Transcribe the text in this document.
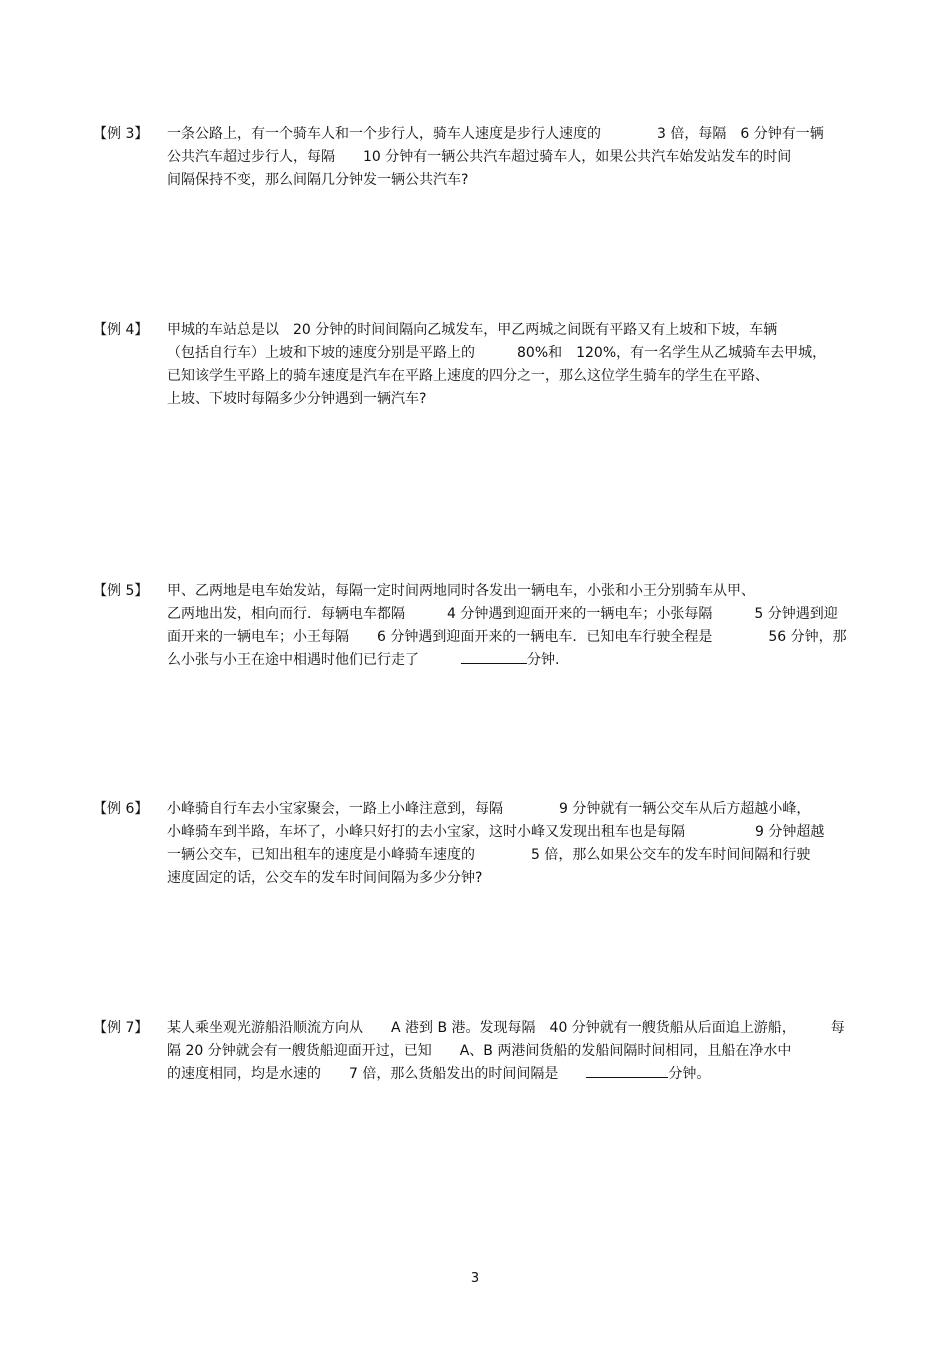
【例 3】	一条公路上，有一个骑车人和一个步行人，骑车人速度是步行人速度的　　　　3 倍，每隔　6 分钟有一辆
公共汽车超过步行人，每隔　　10 分钟有一辆公共汽车超过骑车人，如果公共汽车始发站发车的时间
间隔保持不变，那么间隔几分钟发一辆公共汽车?
【例 4】	甲城的车站总是以　20 分钟的时间间隔向乙城发车，甲乙两城之间既有平路又有上坡和下坡，车辆
（包括自行车）上坡和下坡的速度分别是平路上的　　　80%和　120%，有一名学生从乙城骑车去甲城，
已知该学生平路上的骑车速度是汽车在平路上速度的四分之一，那么这位学生骑车的学生在平路、
上坡、下坡时每隔多少分钟遇到一辆汽车?
【例 5】	甲、乙两地是电车始发站，每隔一定时间两地同时各发出一辆电车，小张和小王分别骑车从甲、
乙两地出发，相向而行．每辆电车都隔　　　4 分钟遇到迎面开来的一辆电车；小张每隔　　　5 分钟遇到迎
面开来的一辆电车；小王每隔　　6 分钟遇到迎面开来的一辆电车．已知电车行驶全程是　　　　56 分钟，那
么小张与小王在途中相遇时他们已行走了　　　	分钟.
【例 6】	小峰骑自行车去小宝家聚会，一路上小峰注意到，每隔　　　　9 分钟就有一辆公交车从后方超越小峰，
小峰骑车到半路，车坏了，小峰只好打的去小宝家，这时小峰又发现出租车也是每隔　　　　　9 分钟超越
一辆公交车，已知出租车的速度是小峰骑车速度的　　　　5 倍，那么如果公交车的发车时间间隔和行驶
速度固定的话，公交车的发车时间间隔为多少分钟?
【例 7】	某人乘坐观光游船沿顺流方向从　　A 港到 B 港。发现每隔　40 分钟就有一艘货船从后面追上游船，　　　每
隔 20 分钟就会有一艘货船迎面开过，已知　　A、B 两港间货船的发船间隔时间相同，且船在净水中
的速度相同，均是水速的　　7 倍，那么货船发出的时间间隔是　　	分钟。
3
